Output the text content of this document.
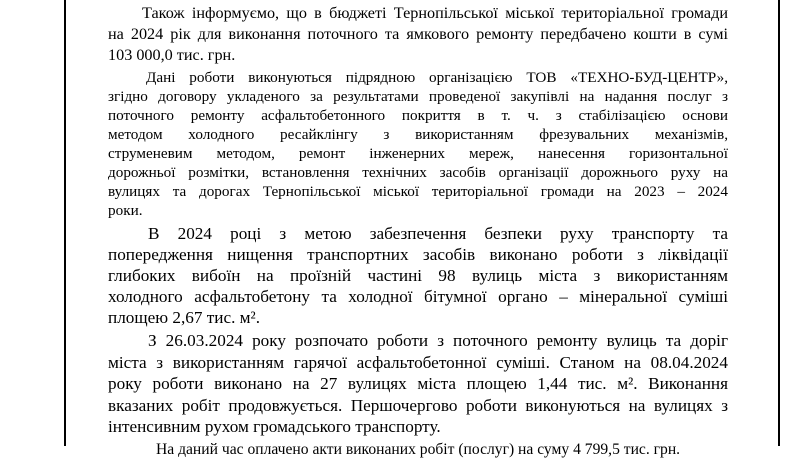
Також інформуємо, що в бюджеті Тернопільської міської територіальної громади
на 2024 рік для виконання поточного та ямкового ремонту передбачено кошти в сумі
103 000,0 тис. грн.

Дані роботи виконуються підрядною організацією ТОВ «ТЕХНО-БУД-ЦЕНТР»,
згідно договору укладеного за результатами проведеної закупівлі на надання послуг з
поточного ремонту асфальтобетонного покриття в т. ч. з стабілізацією основи
методом холодного ресайклінгу з використанням фрезувальних механізмів,
струменевим методом, ремонт інженерних мереж, нанесення горизонтальної
дорожньої розмітки, встановлення технічних засобів організації дорожнього руху на
вулицях та дорогах Тернопільської міської територіальної громади на 2023 – 2024
роки.

В 2024 році з метою забезпечення безпеки руху транспорту та
попередження нищення транспортних засобів виконано роботи з ліквідації
глибоких вибоїн на проїзній частині 98 вулиць міста з використанням
холодного асфальтобетону та холодної бітумної органо – мінеральної суміші
площею 2,67 тис. м².

З 26.03.2024 року розпочато роботи з поточного ремонту вулиць та доріг
міста з використанням гарячої асфальтобетонної суміші. Станом на 08.04.2024
року роботи виконано на 27 вулицях міста площею 1,44 тис. м². Виконання
вказаних робіт продовжується. Першочергово роботи виконуються на вулицях з
інтенсивним рухом громадського транспорту.

На даний час оплачено акти виконаних робіт (послуг) на суму 4 799,5 тис. грн.
